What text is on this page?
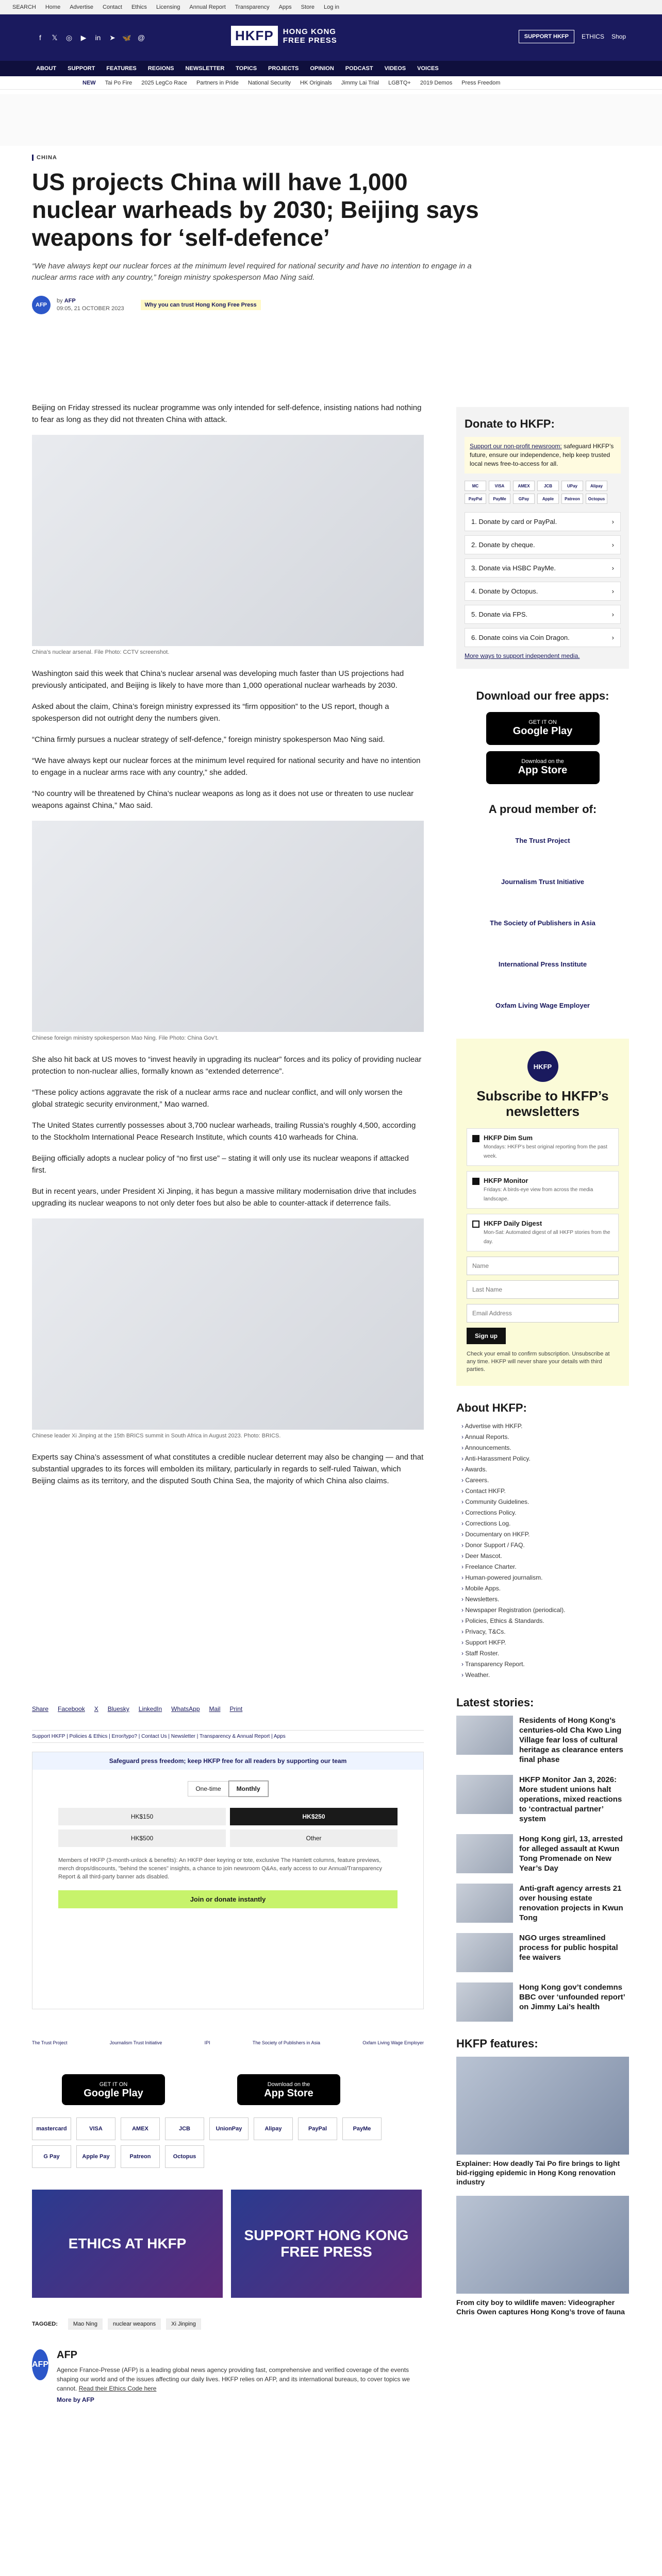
SEARCH Home Advertise Contact Ethics Licensing Annual Report Transparency Apps Store Log in
f	𝕏 ◎ ▶ in ➤ 🦋 @	HKFP	HONG KONG
FREE PRESS	SUPPORT HKFP	ETHICS Shop
ABOUT SUPPORT FEATURES REGIONS NEWSLETTER TOPICS PROJECTS OPINION PODCAST VIDEOS VOICES
NEW Tai Po Fire 2025 LegCo Race Partners in Pride National Security HK Originals Jimmy Lai Trial LGBTQ+ 2019 Demos Press Freedom
CHINA
US projects China will have 1,000 nuclear warheads by 2030; Beijing says weapons for ‘self-defence’
“We have always kept our nuclear forces at the minimum level required for national security and have no intention to engage in a nuclear arms race with any country,” foreign ministry spokesperson Mao Ning said.
AFP
by AFP
09:05, 21 OCTOBER 2023
Why you can trust Hong Kong Free Press

Beijing on Friday stressed its nuclear programme was only intended for self-defence, insisting nations had nothing to fear as long as they did not threaten China with attack.

China’s nuclear arsenal. File Photo: CCTV screenshot.

Washington said this week that China’s nuclear arsenal was developing much faster than US projections had previously anticipated, and Beijing is likely to have more than 1,000 operational nuclear warheads by 2030.

Asked about the claim, China’s foreign ministry expressed its “firm opposition” to the US report, though a spokesperson did not outright deny the numbers given.

“China firmly pursues a nuclear strategy of self-defence,” foreign ministry spokesperson Mao Ning said.

“We have always kept our nuclear forces at the minimum level required for national security and have no intention to engage in a nuclear arms race with any country,” she added.

“No country will be threatened by China’s nuclear weapons as long as it does not use or threaten to use nuclear weapons against China,” Mao said.

Chinese foreign ministry spokesperson Mao Ning. File Photo: China Gov’t.

She also hit back at US moves to “invest heavily in upgrading its nuclear” forces and its policy of providing nuclear protection to non-nuclear allies, formally known as “extended deterrence”.

“These policy actions aggravate the risk of a nuclear arms race and nuclear conflict, and will only worsen the global strategic security environment,” Mao warned.

The United States currently possesses about 3,700 nuclear warheads, trailing Russia’s roughly 4,500, according to the Stockholm International Peace Research Institute, which counts 410 warheads for China.

Beijing officially adopts a nuclear policy of “no first use” – stating it will only use its nuclear weapons if attacked first.

But in recent years, under President Xi Jinping, it has begun a massive military modernisation drive that includes upgrading its nuclear weapons to not only deter foes but also be able to counter-attack if deterrence fails.

Chinese leader Xi Jinping at the 15th BRICS summit in South Africa in August 2023. Photo: BRICS.

Experts say China’s assessment of what constitutes a credible nuclear deterrent may also be changing — and that substantial upgrades to its forces will embolden its military, particularly in regards to self-ruled Taiwan, which Beijing claims as its territory, and the disputed South China Sea, the majority of which China also claims.

Share Facebook X Bluesky LinkedIn WhatsApp Mail Print
Support HKFP | Policies & Ethics | Error/typo? | Contact Us | Newsletter | Transparency & Annual Report | Apps
Safeguard press freedom; keep HKFP free for all readers by supporting our team
One-time	Monthly
HK$150	HK$250
HK$500	Other
Members of HKFP (3-month-unlock & benefits): An HKFP deer keyring or tote, exclusive The Hamlett columns, feature previews, merch drops/discounts, "behind the scenes" insights, a chance to join newsroom Q&As, early access to our Annual/Transparency Report & all third-party banner ads disabled.
Join or donate instantly
The Trust Project	Journalism Trust Initiative	IPI	The Society of Publishers in Asia	Oxfam Living Wage Employer
GET IT ON
Google Play
Download on the
App Store
mastercard	VISA	AMEX	JCB	UnionPay	Alipay	PayPal	PayMe
G Pay	Apple Pay	Patreon	Octopus
ETHICS AT HKFP
SUPPORT HONG KONG FREE PRESS
TAGGED:	Mao Ning	nuclear weapons	Xi Jinping
AFP
AFP

Agence France-Presse (AFP) is a leading global news agency providing fast, comprehensive and verified coverage of the events shaping our world and of the issues affecting our daily lives. HKFP relies on AFP, and its international bureaus, to cover topics we cannot. Read their Ethics Code here

More by AFP
Donate to HKFP:
Support our non-profit newsroom: safeguard HKFP’s future, ensure our independence, help keep trusted local news free-to-access for all.
MC	VISA	AMEX	JCB	UPay	Alipay
PayPal	PayMe	GPay	Apple	Patreon	Octopus
1. Donate by card or PayPal.	›
2. Donate by cheque.	›
3. Donate via HSBC PayMe.	›
4. Donate by Octopus.	›
5. Donate via FPS.	›
6. Donate coins via Coin Dragon.	›
More ways to support independent media.
Download our free apps:
GET IT ON
Google Play

Download on the
App Store
A proud member of:
The Trust Project
Journalism Trust Initiative
The Society of Publishers in Asia
International Press Institute
Oxfam Living Wage Employer
HKFP
Subscribe to HKFP’s newsletters
HKFP Dim Sum
Mondays: HKFP’s best original reporting from the past week.
HKFP Monitor
Fridays: A birds-eye view from across the media landscape.
HKFP Daily Digest
Mon-Sat: Automated digest of all HKFP stories from the day.
Name Last Name Email Address
Sign up
Check your email to confirm subscription. Unsubscribe at any time. HKFP will never share your details with third parties.
About HKFP:
› Advertise with HKFP.
› Annual Reports.
› Announcements.
› Anti-Harassment Policy.
› Awards.
› Careers.
› Contact HKFP.
› Community Guidelines.
› Corrections Policy.
› Corrections Log.
› Documentary on HKFP.
› Donor Support / FAQ.
› Deer Mascot.
› Freelance Charter.
› Human-powered journalism.
› Mobile Apps.
› Newsletters.
› Newspaper Registration (periodical).
› Policies, Ethics & Standards.
› Privacy, T&Cs.
› Support HKFP.
› Staff Roster.
› Transparency Report.
› Weather.
Latest stories:
Residents of Hong Kong’s centuries-old Cha Kwo Ling Village fear loss of cultural heritage as clearance enters final phase
HKFP Monitor Jan 3, 2026: More student unions halt operations, mixed reactions to ‘contractual partner’ system
Hong Kong girl, 13, arrested for alleged assault at Kwun Tong Promenade on New Year’s Day
Anti-graft agency arrests 21 over housing estate renovation projects in Kwun Tong
NGO urges streamlined process for public hospital fee waivers
Hong Kong gov’t condemns BBC over ‘unfounded report’ on Jimmy Lai’s health
HKFP features:
Explainer: How deadly Tai Po fire brings to light bid-rigging epidemic in Hong Kong renovation industry
From city boy to wildlife maven: Videographer Chris Owen captures Hong Kong’s trove of fauna
